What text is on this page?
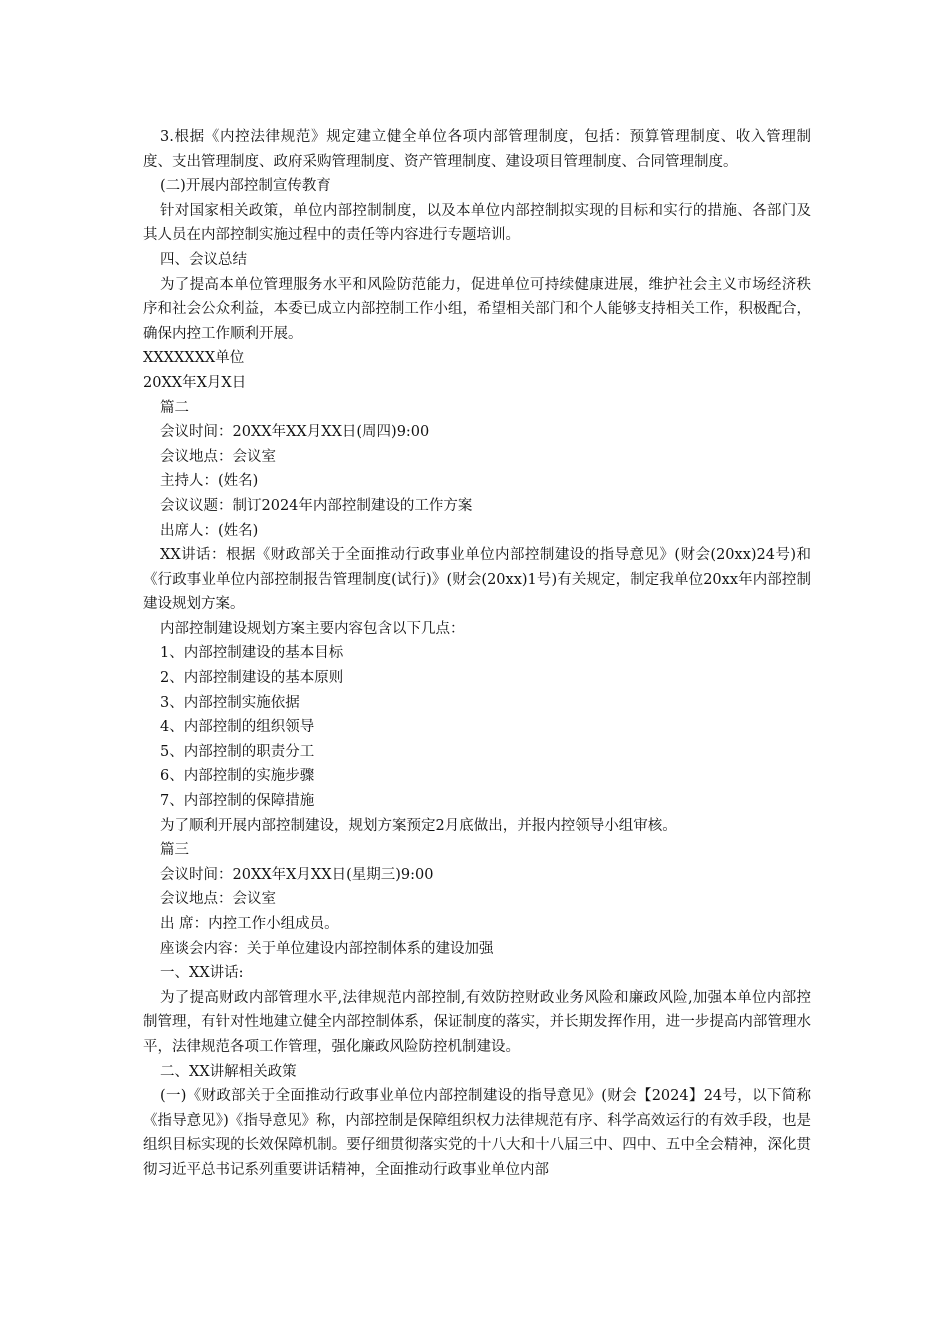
3.根据《内控法律规范》规定建立健全单位各项内部管理制度，包括：预算管理制度、收入管理制度、支出管理制度、政府采购管理制度、资产管理制度、建设项目管理制度、合同管理制度。

(二)开展内部控制宣传教育

针对国家相关政策，单位内部控制制度，以及本单位内部控制拟实现的目标和实行的措施、各部门及其人员在内部控制实施过程中的责任等内容进行专题培训。

四、会议总结

为了提高本单位管理服务水平和风险防范能力，促进单位可持续健康进展，维护社会主义市场经济秩序和社会公众利益，本委已成立内部控制工作小组，希望相关部门和个人能够支持相关工作，积极配合，确保内控工作顺利开展。

XXXXXXX单位

20XX年X月X日

篇二

会议时间：20XX年XX月XX日(周四)9:00

会议地点：会议室

主持人：(姓名)

会议议题：制订2024年内部控制建设的工作方案

出席人：(姓名)

XX讲话：根据《财政部关于全面推动行政事业单位内部控制建设的指导意见》(财会(20xx)24号)和《行政事业单位内部控制报告管理制度(试行)》(财会(20xx)1号)有关规定，制定我单位20xx年内部控制建设规划方案。

内部控制建设规划方案主要内容包含以下几点：

1、内部控制建设的基本目标

2、内部控制建设的基本原则

3、内部控制实施依据

4、内部控制的组织领导

5、内部控制的职责分工

6、内部控制的实施步骤

7、内部控制的保障措施

为了顺利开展内部控制建设，规划方案预定2月底做出，并报内控领导小组审核。

篇三

会议时间：20XX年X月XX日(星期三)9:00

会议地点：会议室

出 席：内控工作小组成员。

座谈会内容：关于单位建设内部控制体系的建设加强

一、XX讲话:

为了提高财政内部管理水平,法律规范内部控制,有效防控财政业务风险和廉政风险,加强本单位内部控制管理，有针对性地建立健全内部控制体系，保证制度的落实，并长期发挥作用，进一步提高内部管理水平，法律规范各项工作管理，强化廉政风险防控机制建设。

二、XX讲解相关政策

(一)《财政部关于全面推动行政事业单位内部控制建设的指导意见》(财会【2024】24号，以下简称《指导意见》)《指导意见》称，内部控制是保障组织权力法律规范有序、科学高效运行的有效手段，也是组织目标实现的长效保障机制。要仔细贯彻落实党的十八大和十八届三中、四中、五中全会精神，深化贯彻习近平总书记系列重要讲话精神，全面推动行政事业单位内部
